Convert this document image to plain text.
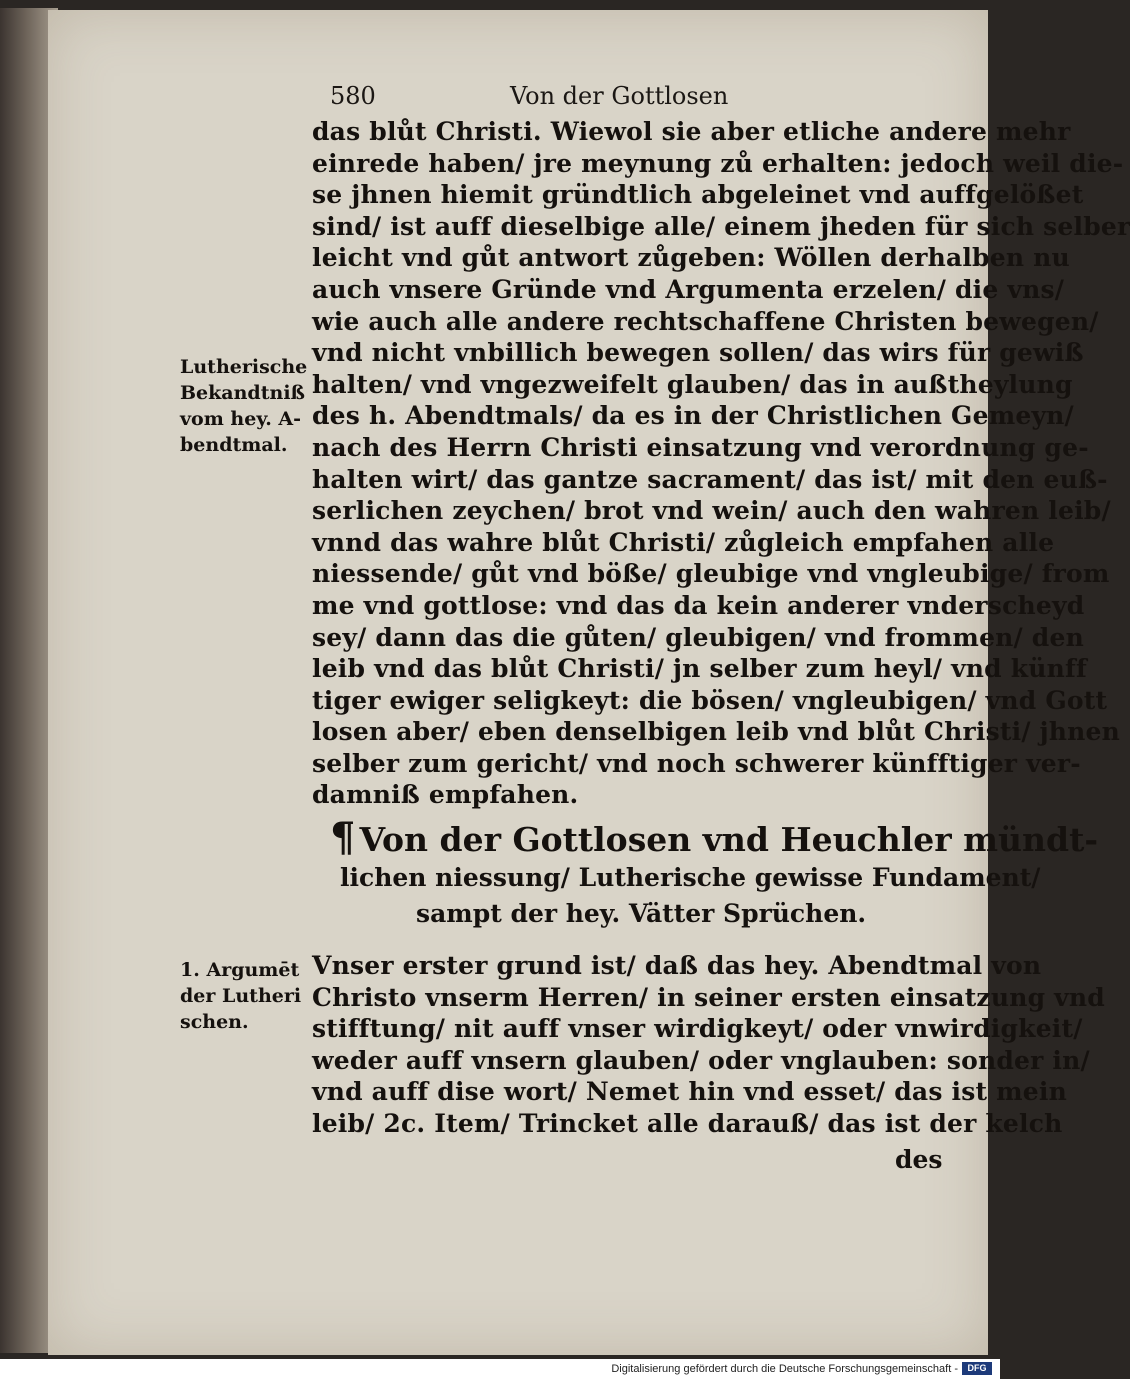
580	Von der Gottlosen
das blůt Christi. Wiewol sie aber etliche andere mehr
einrede haben/ jre meynung zů erhalten: jedoch weil die-
se jhnen hiemit gründtlich abgeleinet vnd auffgelößet
sind/ ist auff dieselbige alle/ einem jheden für sich selber
leicht vnd gůt antwort zůgeben: Wöllen derhalben nu
auch vnsere Gründe vnd Argumenta erzelen/ die vns/
wie auch alle andere rechtschaffene Christen bewegen/
vnd nicht vnbillich bewegen sollen/ das wirs für gewiß
halten/ vnd vngezweifelt glauben/ das in außtheylung
des h. Abendtmals/ da es in der Christlichen Gemeyn/
nach des Herrn Christi einsatzung vnd verordnung ge-
halten wirt/ das gantze sacrament/ das ist/ mit den euß-
serlichen zeychen/ brot vnd wein/ auch den wahren leib/
vnnd das wahre blůt Christi/ zůgleich empfahen alle
niessende/ gůt vnd böße/ gleubige vnd vngleubige/ from
me vnd gottlose: vnd das da kein anderer vnderscheyd
sey/ dann das die gůten/ gleubigen/ vnd frommen/ den
leib vnd das blůt Christi/ jn selber zum heyl/ vnd künff
tiger ewiger seligkeyt: die bösen/ vngleubigen/ vnd Gott
losen aber/ eben denselbigen leib vnd blůt Christi/ jhnen
selber zum gericht/ vnd noch schwerer künfftiger ver-
damniß empfahen.
Lutherische
Bekandtniß
vom hey. A-
bendtmal.
¶ Von der Gottlosen vnd Heuchler mündt-
lichen niessung/ Lutherische gewisse Fundament/
sampt der hey. Vätter Sprüchen.
1. Argumēt
der Lutheri
schen.
Vnser erster grund ist/ daß das hey. Abendtmal von
Christo vnserm Herren/ in seiner ersten einsatzung vnd
stifftung/ nit auff vnser wirdigkeyt/ oder vnwirdigkeit/
weder auff vnsern glauben/ oder vnglauben: sonder in/
vnd auff dise wort/ Nemet hin vnd esset/ das ist mein
leib/ 2c. Item/ Trincket alle darauß/ das ist der kelch
des
Digitalisierung gefördert durch die Deutsche Forschungsgemeinschaft -	DFG
